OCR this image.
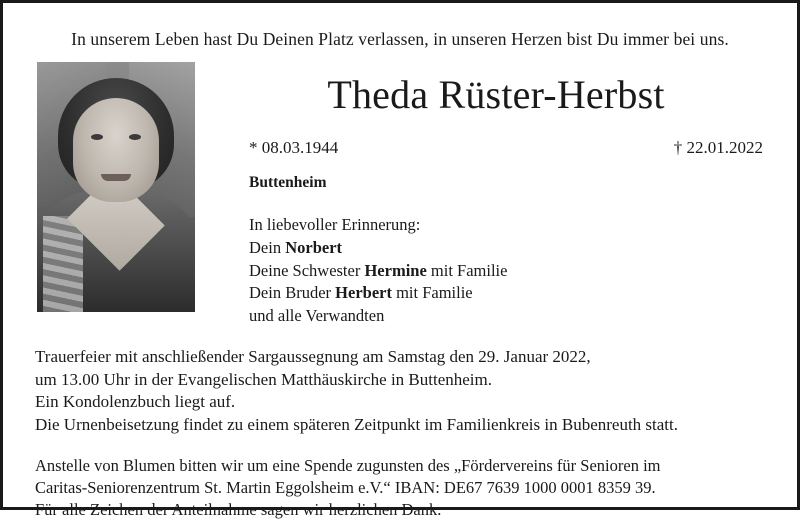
In unserem Leben hast Du Deinen Platz verlassen, in unseren Herzen bist Du immer bei uns.
Theda Rüster-Herbst
* 08.03.1944	† 22.01.2022
Buttenheim
In liebevoller Erinnerung:
Dein Norbert
Deine Schwester Hermine mit Familie
Dein Bruder Herbert mit Familie
und alle Verwandten
Trauerfeier mit anschließender Sargaussegnung am Samstag den 29. Januar 2022,
um 13.00 Uhr in der Evangelischen Matthäuskirche in Buttenheim.
Ein Kondolenzbuch liegt auf.
Die Urnenbeisetzung findet zu einem späteren Zeitpunkt im Familienkreis in Bubenreuth statt.
Anstelle von Blumen bitten wir um eine Spende zugunsten des „Fördervereins für Senioren im
Caritas-Seniorenzentrum St. Martin Eggolsheim e.V.“ IBAN: DE67 7639 1000 0001 8359 39.
Für alle Zeichen der Anteilnahme sagen wir herzlichen Dank.
